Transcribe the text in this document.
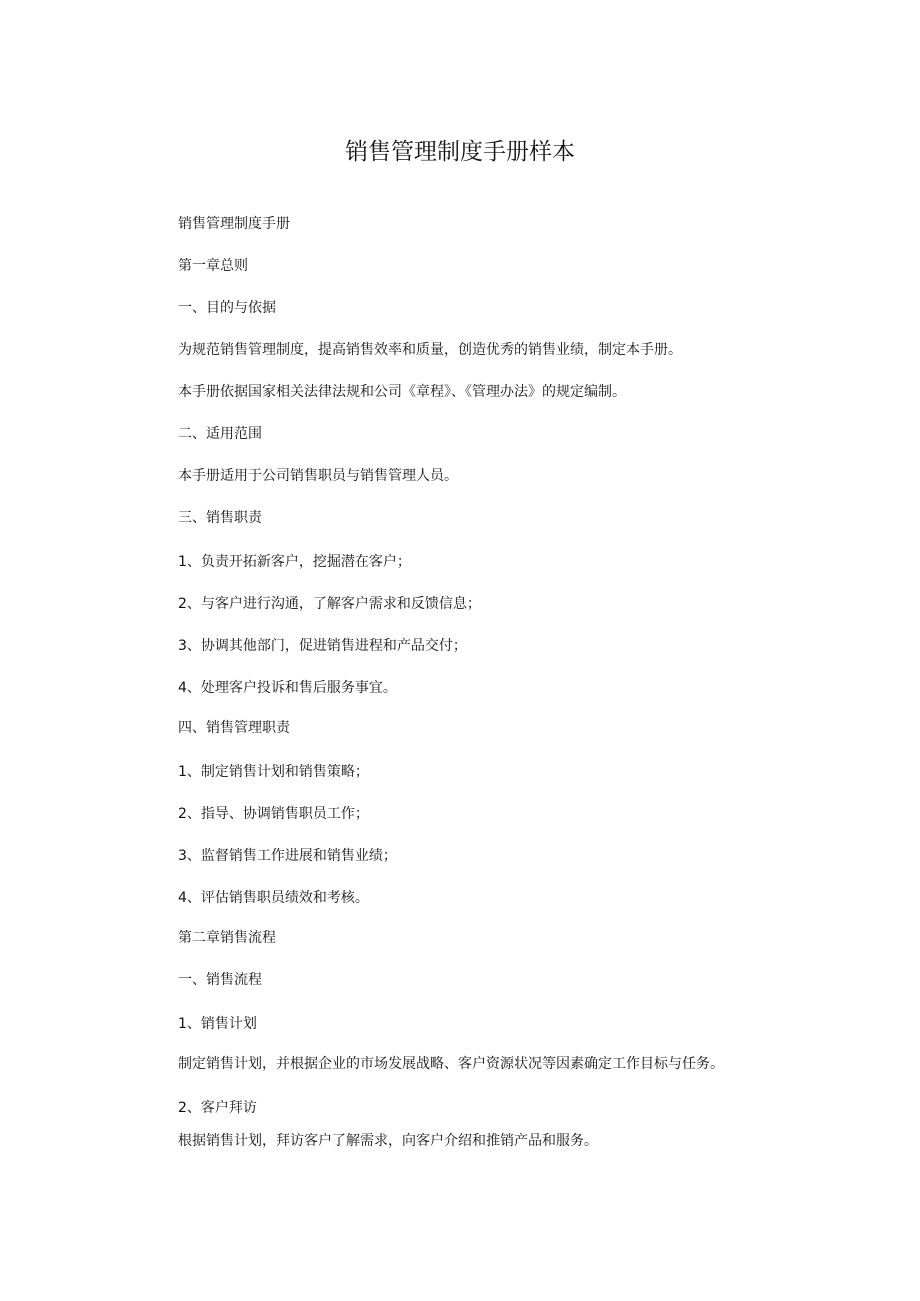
销售管理制度手册样本

销售管理制度手册

第一章总则

一、目的与依据

为规范销售管理制度，提高销售效率和质量，创造优秀的销售业绩，制定本手册。

本手册依据国家相关法律法规和公司《章程》、《管理办法》的规定编制。

二、适用范围

本手册适用于公司销售职员与销售管理人员。

三、销售职责

1、负责开拓新客户，挖掘潜在客户；

2、与客户进行沟通，了解客户需求和反馈信息；

3、协调其他部门，促进销售进程和产品交付；

4、处理客户投诉和售后服务事宜。

四、销售管理职责

1、制定销售计划和销售策略；

2、指导、协调销售职员工作；

3、监督销售工作进展和销售业绩；

4、评估销售职员绩效和考核。

第二章销售流程

一、销售流程

1、销售计划

制定销售计划，并根据企业的市场发展战略、客户资源状况等因素确定工作目标与任务。

2、客户拜访

根据销售计划，拜访客户了解需求，向客户介绍和推销产品和服务。
